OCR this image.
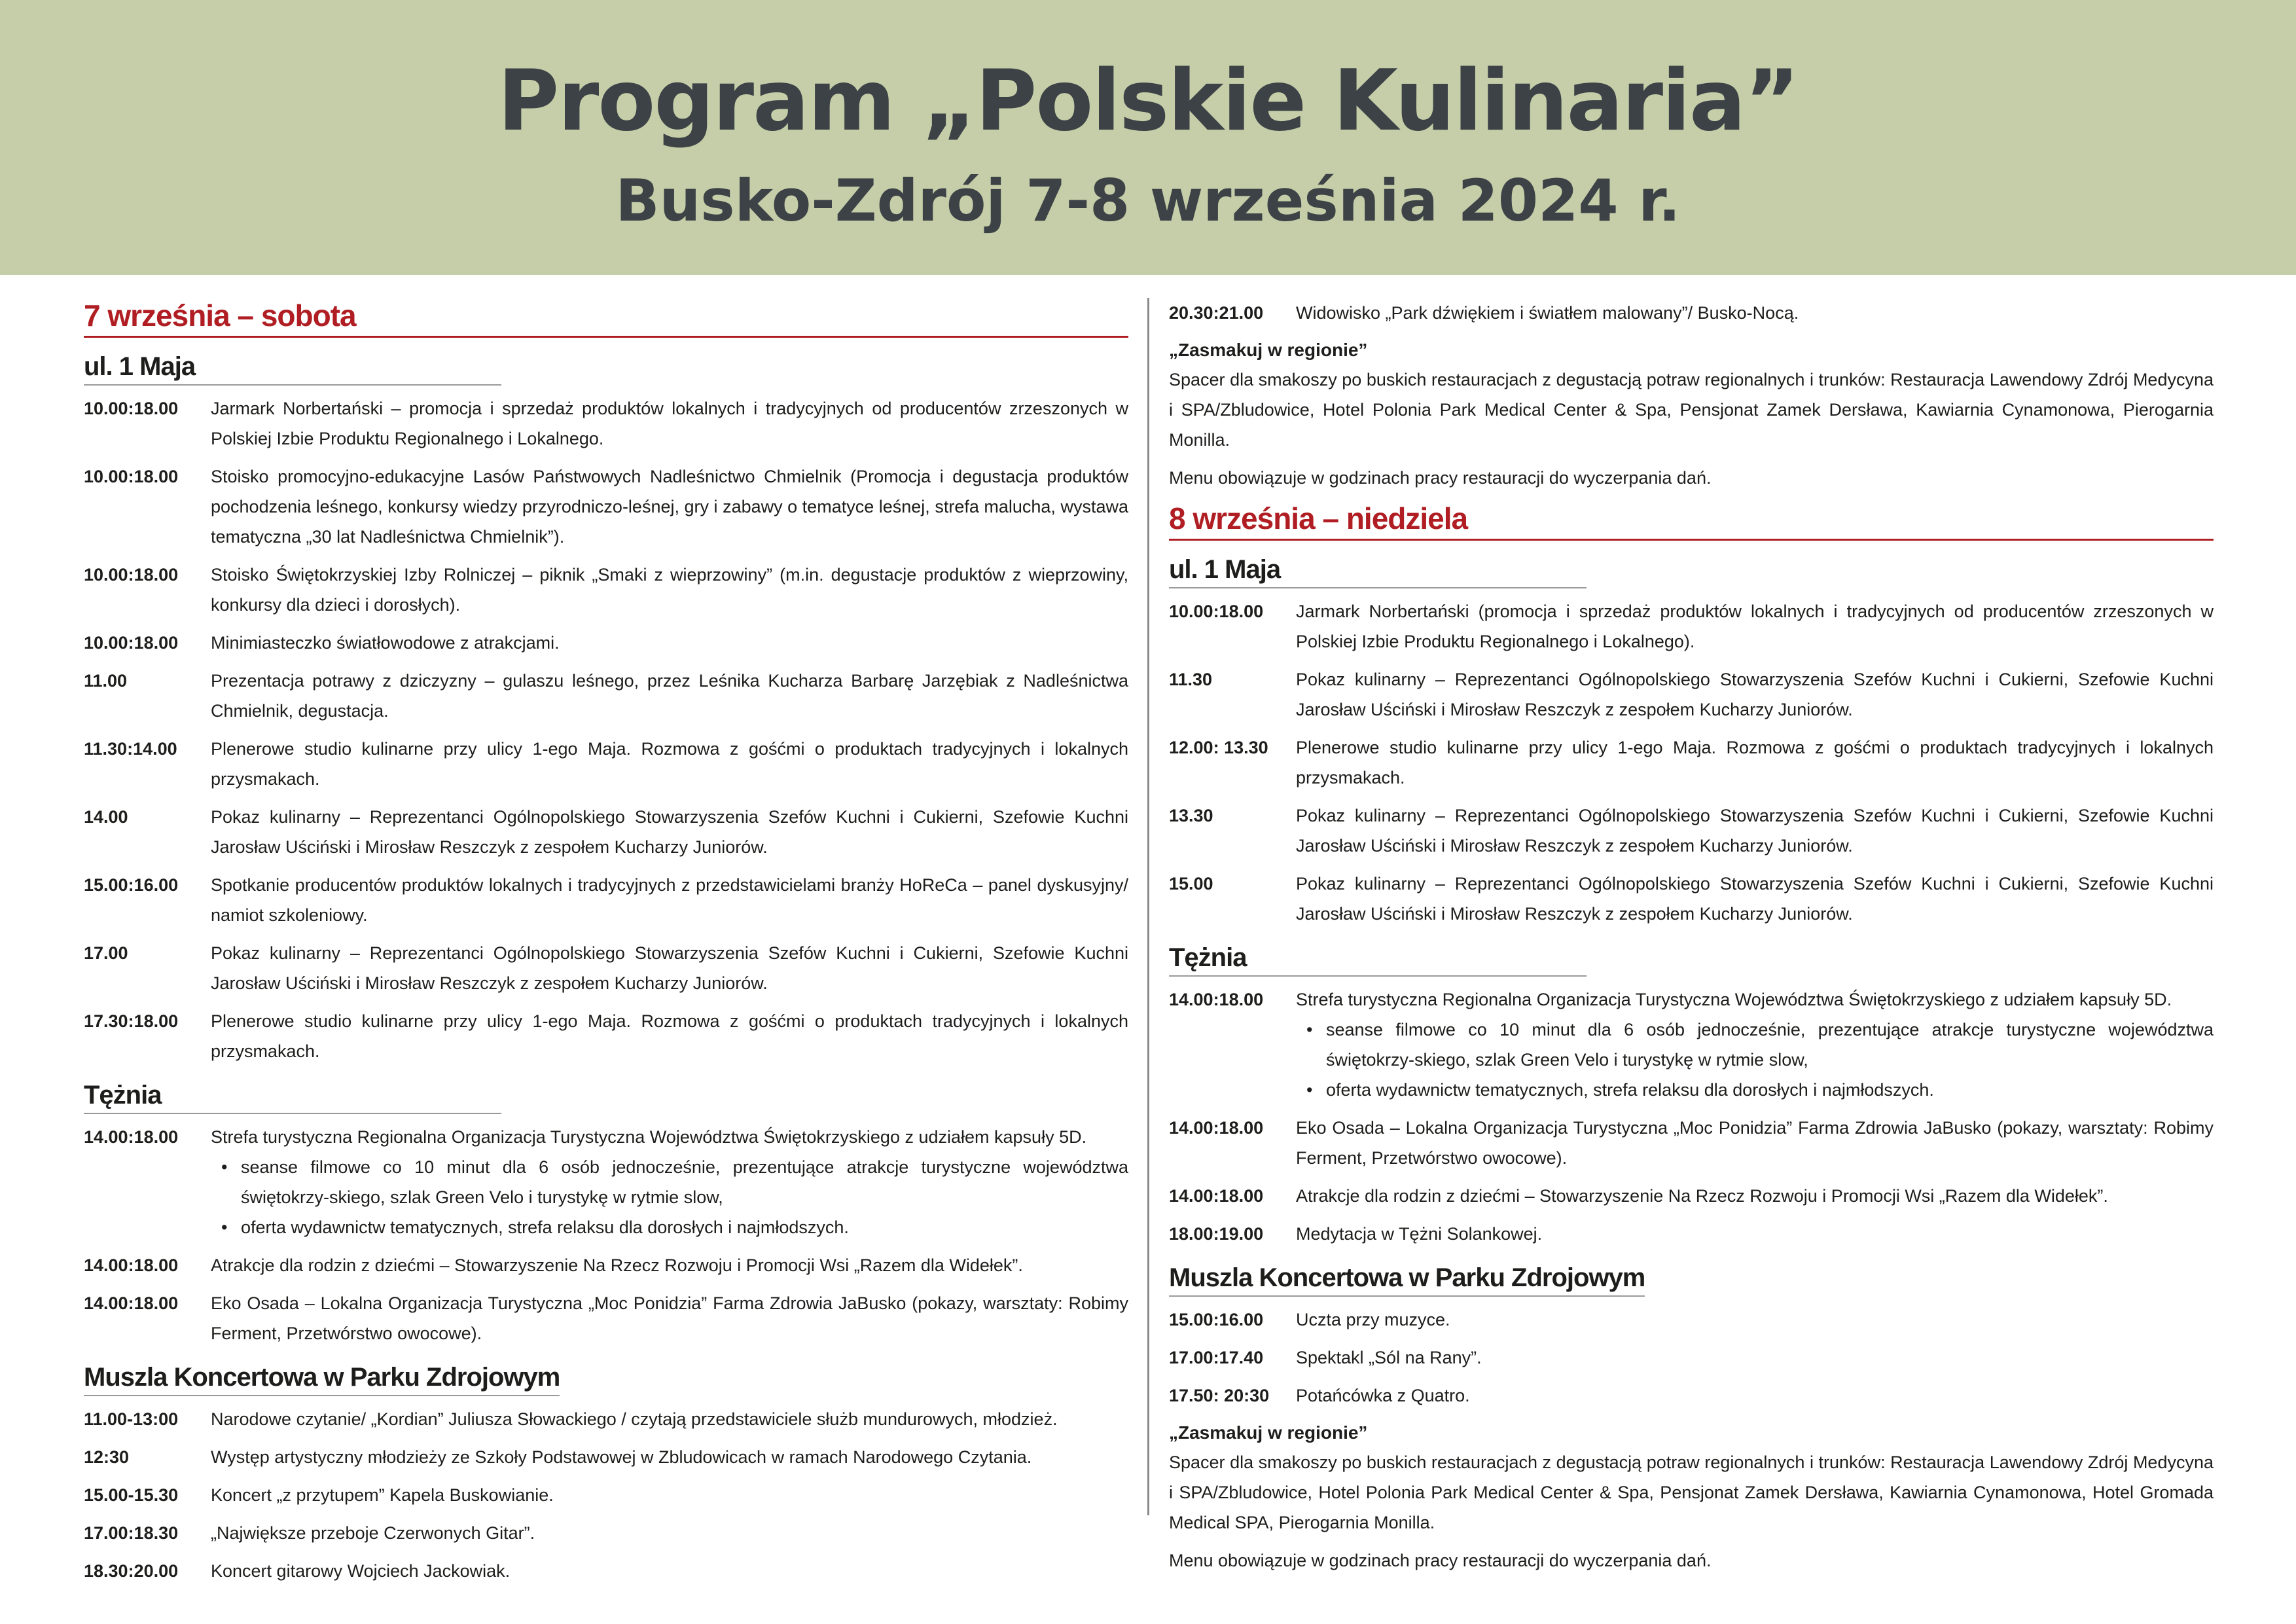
Program „Polskie Kulinaria”
Busko-Zdrój 7-8 września 2024 r.
7 września – sobota
ul. 1 Maja
10.00:18.00	Jarmark Norbertański – promocja i sprzedaż produktów lokalnych i tradycyjnych od producentów zrzeszonych w Polskiej Izbie Produktu Regionalnego i Lokalnego.
10.00:18.00	Stoisko promocyjno-edukacyjne Lasów Państwowych Nadleśnictwo Chmielnik (Promocja i degustacja produktów pochodzenia leśnego, konkursy wiedzy przyrodniczo-leśnej, gry i zabawy o tematyce leśnej, strefa malucha, wystawa tematyczna „30 lat Nadleśnictwa Chmielnik”).
10.00:18.00	Stoisko Świętokrzyskiej Izby Rolniczej – piknik „Smaki z wieprzowiny” (m.in. degustacje produktów z wieprzowiny, konkursy dla dzieci i dorosłych).
10.00:18.00	Minimiasteczko światłowodowe z atrakcjami.
11.00	Prezentacja potrawy z dziczyzny – gulaszu leśnego, przez Leśnika Kucharza Barbarę Jarzębiak z Nadleśnictwa Chmielnik, degustacja.
11.30:14.00	Plenerowe studio kulinarne przy ulicy 1-ego Maja. Rozmowa z gośćmi o produktach tradycyjnych i lokalnych przysmakach.
14.00	Pokaz kulinarny – Reprezentanci Ogólnopolskiego Stowarzyszenia Szefów Kuchni i Cukierni, Szefowie Kuchni Jarosław Uściński i Mirosław Reszczyk z zespołem Kucharzy Juniorów.
15.00:16.00	Spotkanie producentów produktów lokalnych i tradycyjnych z przedstawicielami branży HoReCa – panel dyskusyjny/ namiot szkoleniowy.
17.00	Pokaz kulinarny – Reprezentanci Ogólnopolskiego Stowarzyszenia Szefów Kuchni i Cukierni, Szefowie Kuchni Jarosław Uściński i Mirosław Reszczyk z zespołem Kucharzy Juniorów.
17.30:18.00	Plenerowe studio kulinarne przy ulicy 1-ego Maja. Rozmowa z gośćmi o produktach tradycyjnych i lokalnych przysmakach.
Tężnia
14.00:18.00	Strefa turystyczna Regionalna Organizacja Turystyczna Województwa Świętokrzyskiego z udziałem kapsuły 5D.
• seanse filmowe co 10 minut dla 6 osób jednocześnie, prezentujące atrakcje turystyczne województwa świętokrzy-skiego, szlak Green Velo i turystykę w rytmie slow,
• oferta wydawnictw tematycznych, strefa relaksu dla dorosłych i najmłodszych.
14.00:18.00	Atrakcje dla rodzin z dziećmi – Stowarzyszenie Na Rzecz Rozwoju i Promocji Wsi „Razem dla Widełek”.
14.00:18.00	Eko Osada – Lokalna Organizacja Turystyczna „Moc Ponidzia” Farma Zdrowia JaBusko (pokazy, warsztaty: Robimy Ferment, Przetwórstwo owocowe).
Muszla Koncertowa w Parku Zdrojowym
11.00-13:00	Narodowe czytanie/ „Kordian” Juliusza Słowackiego / czytają przedstawiciele służb mundurowych, młodzież.
12:30	Występ artystyczny młodzieży ze Szkoły Podstawowej w Zbludowicach w ramach Narodowego Czytania.
15.00-15.30	Koncert „z przytupem” Kapela Buskowianie.
17.00:18.30	„Największe przeboje Czerwonych Gitar”.
18.30:20.00	Koncert gitarowy Wojciech Jackowiak.
20.30:21.00	Widowisko „Park dźwiękiem i światłem malowany”/ Busko-Nocą.
„Zasmakuj w regionie”
Spacer dla smakoszy po buskich restauracjach z degustacją potraw regionalnych i trunków: Restauracja Lawendowy Zdrój Medycyna i SPA/Zbludowice, Hotel Polonia Park Medical Center & Spa, Pensjonat Zamek Dersława, Kawiarnia Cynamonowa, Pierogarnia Monilla.
Menu obowiązuje w godzinach pracy restauracji do wyczerpania dań.
8 września – niedziela
ul. 1 Maja
10.00:18.00	Jarmark Norbertański (promocja i sprzedaż produktów lokalnych i tradycyjnych od producentów zrzeszonych w Polskiej Izbie Produktu Regionalnego i Lokalnego).
11.30	Pokaz kulinarny – Reprezentanci Ogólnopolskiego Stowarzyszenia Szefów Kuchni i Cukierni, Szefowie Kuchni Jarosław Uściński i Mirosław Reszczyk z zespołem Kucharzy Juniorów.
12.00: 13.30	Plenerowe studio kulinarne przy ulicy 1-ego Maja. Rozmowa z gośćmi o produktach tradycyjnych i lokalnych przysmakach.
13.30	Pokaz kulinarny – Reprezentanci Ogólnopolskiego Stowarzyszenia Szefów Kuchni i Cukierni, Szefowie Kuchni Jarosław Uściński i Mirosław Reszczyk z zespołem Kucharzy Juniorów.
15.00	Pokaz kulinarny – Reprezentanci Ogólnopolskiego Stowarzyszenia Szefów Kuchni i Cukierni, Szefowie Kuchni Jarosław Uściński i Mirosław Reszczyk z zespołem Kucharzy Juniorów.
Tężnia
14.00:18.00	Strefa turystyczna Regionalna Organizacja Turystyczna Województwa Świętokrzyskiego z udziałem kapsuły 5D.
• seanse filmowe co 10 minut dla 6 osób jednocześnie, prezentujące atrakcje turystyczne województwa świętokrzy-skiego, szlak Green Velo i turystykę w rytmie slow,
• oferta wydawnictw tematycznych, strefa relaksu dla dorosłych i najmłodszych.
14.00:18.00	Eko Osada – Lokalna Organizacja Turystyczna „Moc Ponidzia” Farma Zdrowia JaBusko (pokazy, warsztaty: Robimy Ferment, Przetwórstwo owocowe).
14.00:18.00	Atrakcje dla rodzin z dziećmi – Stowarzyszenie Na Rzecz Rozwoju i Promocji Wsi „Razem dla Widełek”.
18.00:19.00	Medytacja w Tężni Solankowej.
Muszla Koncertowa w Parku Zdrojowym
15.00:16.00	Uczta przy muzyce.
17.00:17.40	Spektakl „Sól na Rany”.
17.50: 20:30	Potańcówka z Quatro.
„Zasmakuj w regionie”
Spacer dla smakoszy po buskich restauracjach z degustacją potraw regionalnych i trunków: Restauracja Lawendowy Zdrój Medycyna i SPA/Zbludowice, Hotel Polonia Park Medical Center & Spa, Pensjonat Zamek Dersława, Kawiarnia Cynamonowa, Hotel Gromada Medical SPA, Pierogarnia Monilla.
Menu obowiązuje w godzinach pracy restauracji do wyczerpania dań.
